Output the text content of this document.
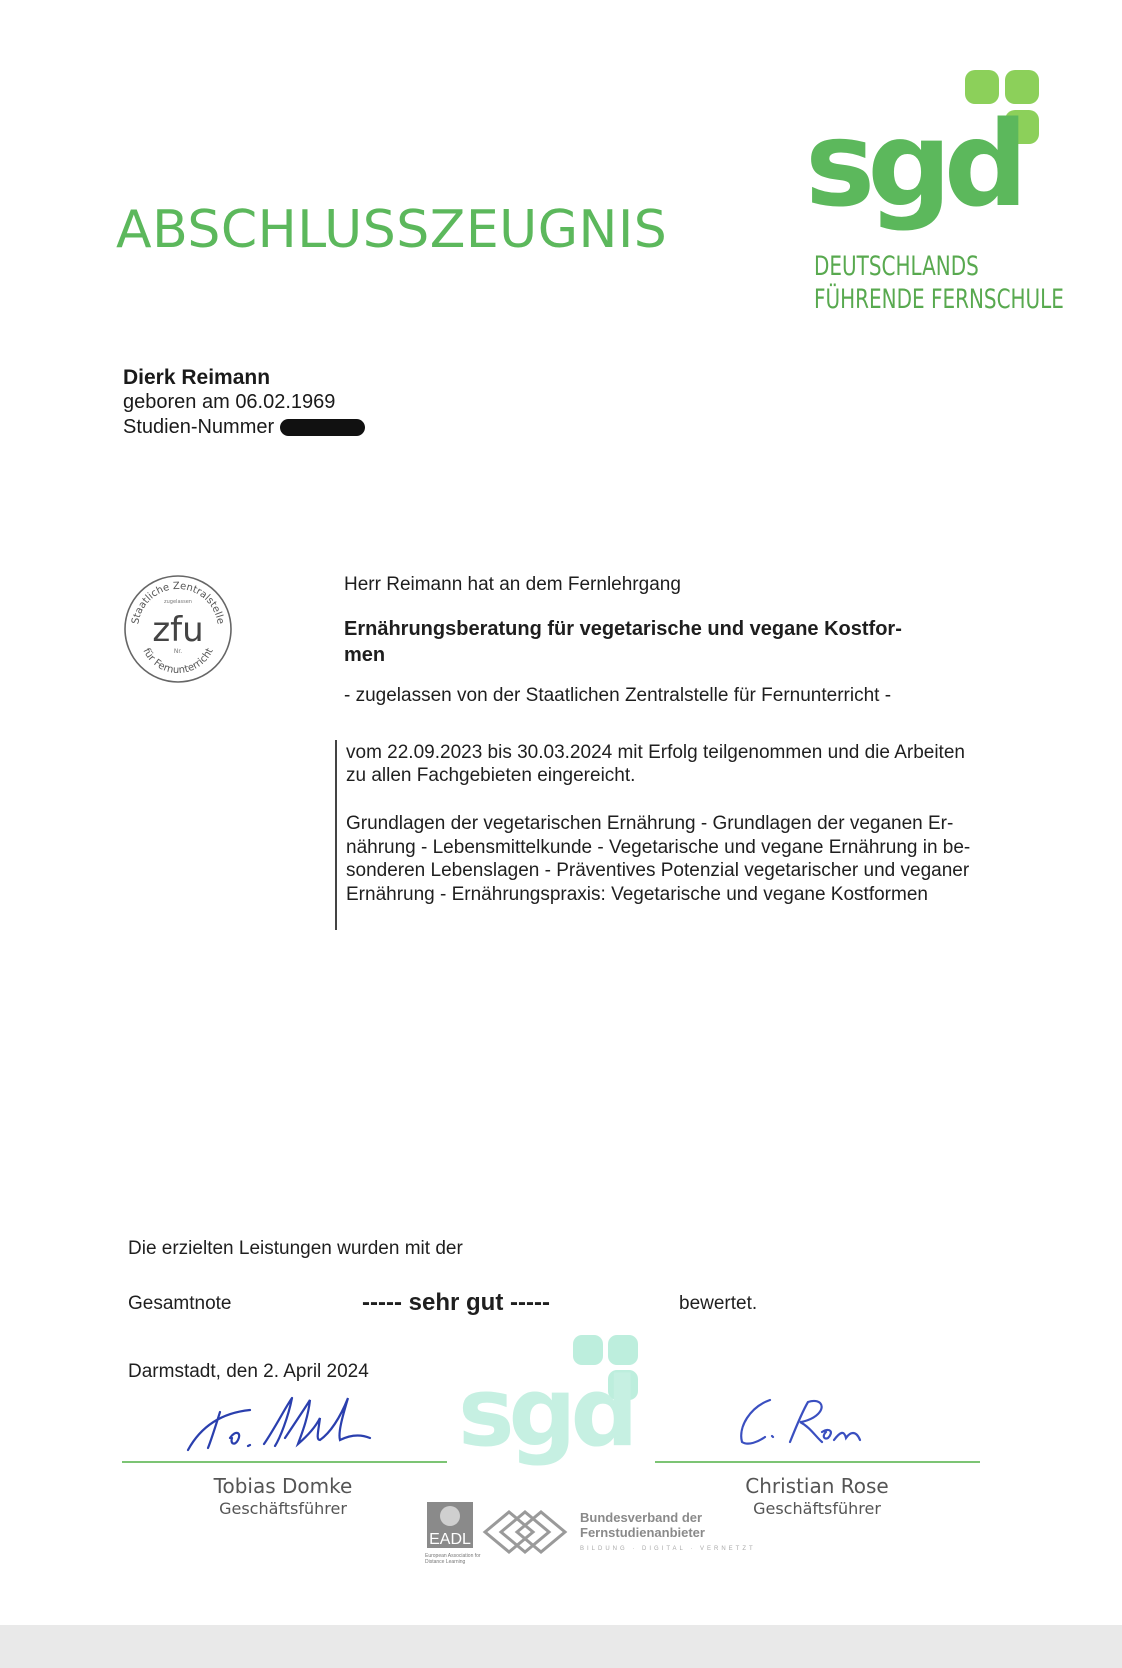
ABSCHLUSSZEUGNIS sgd
DEUTSCHLANDS
FÜHRENDE FERNSCHULE
Dierk Reimann
geboren am 06.02.1969
Studien-Nummer
Staatliche Zentralstelle
für Fernunterricht
zugelassen
zfu
Nr.

Herr Reimann hat an dem Fernlehrgang

Ernährungsberatung für vegetarische und vegane Kostfor-
men

- zugelassen von der Staatlichen Zentralstelle für Fernunterricht -

vom 22.09.2023 bis 30.03.2024 mit Erfolg teilgenommen und die Arbeiten
zu allen Fachgebieten eingereicht.
Grundlagen der vegetarischen Ernährung - Grundlagen der veganen Er-
nährung - Lebensmittelkunde - Vegetarische und vegane Ernährung in be-
sonderen Lebenslagen - Präventives Potenzial vegetarischer und veganer
Ernährung - Ernährungspraxis: Vegetarische und vegane Kostformen
Die erzielten Leistungen wurden mit der
Gesamtnote	----- sehr gut -----	bewertet.
Darmstadt, den 2. April 2024 sgd
Tobias Domke
Geschäftsführer
Christian Rose
Geschäftsführer
EADL
European Association for Distance Learning
Bundesverband der
Fernstudienanbieter
BILDUNG · DIGITAL · VERNETZT
